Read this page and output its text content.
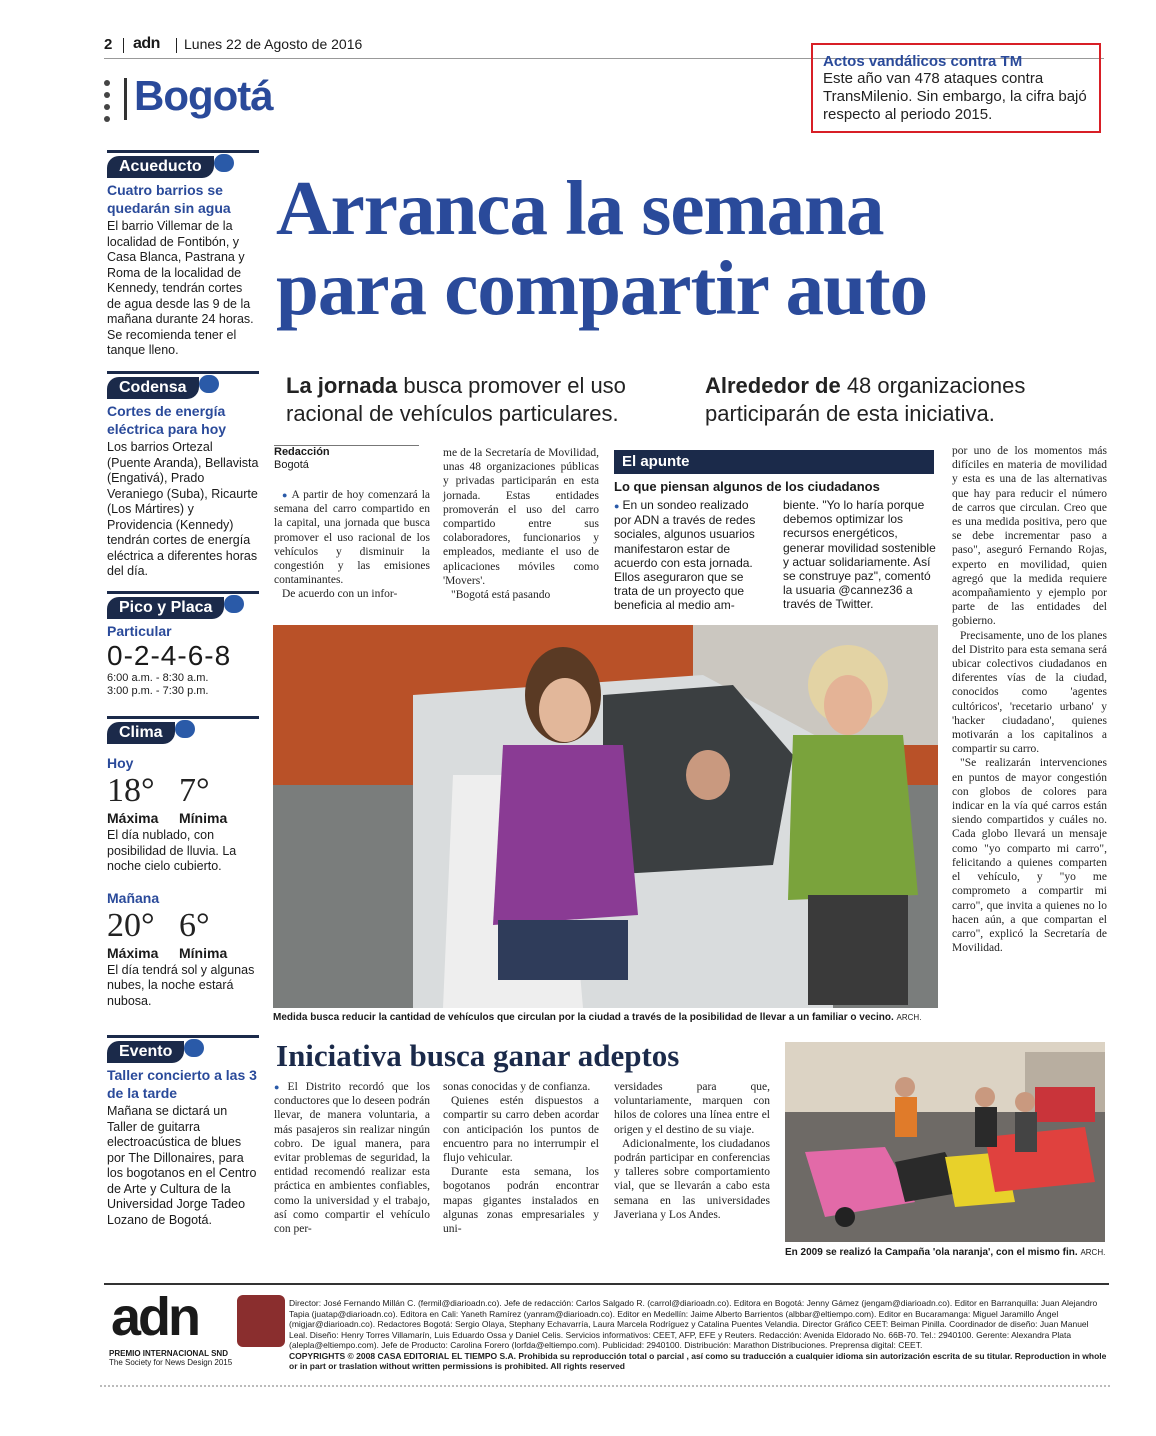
2 adn Lunes 22 de Agosto de 2016
Bogotá
Actos vandálicos contra TM
Este año van 478 ataques contra TransMilenio. Sin embargo, la cifra bajó respecto al periodo 2015.
Acueducto
Cuatro barrios se quedarán sin agua
El barrio Villemar de la localidad de Fontibón, y Casa Blanca, Pastrana y Roma de la localidad de Kennedy, tendrán cortes de agua desde las 9 de la mañana durante 24 horas. Se recomienda tener el tanque lleno.
Codensa
Cortes de energía eléctrica para hoy
Los barrios Ortezal (Puente Aranda), Bellavista (Engativá), Prado Veraniego (Suba), Ricaurte (Los Mártires) y Providencia (Kennedy) tendrán cortes de energía eléctrica a diferentes horas del día.
Pico y Placa
Particular
0-2-4-6-8
6:00 a.m. - 8:30 a.m.
3:00 p.m. - 7:30 p.m.
Clima
Hoy
18° 7°
Máxima Mínima
El día nublado, con posibilidad de lluvia. La noche cielo cubierto.
Mañana
20° 6°
Máxima Mínima
El día tendrá sol y algunas nubes, la noche estará nubosa.
Evento
Taller concierto a las 3 de la tarde
Mañana se dictará un Taller de guitarra electroacústica de blues por The Dillonaires, para los bogotanos en el Centro de Arte y Cultura de la Universidad Jorge Tadeo Lozano de Bogotá.
Arranca la semana
para compartir auto
La jornada busca promover el uso racional de vehículos particulares.
Alrededor de 48 organizaciones participarán de esta iniciativa.
Redacción
Bogotá

● A partir de hoy comenzará la semana del carro compartido en la capital, una jornada que busca promover el uso racional de los vehículos y disminuir la congestión y las emisiones contaminantes.

De acuerdo con un infor-

me de la Secretaría de Movilidad, unas 48 organizaciones públicas y privadas participarán en esta jornada. Estas entidades promoverán el uso del carro compartido entre sus colaboradores, funcionarios y empleados, mediante el uso de aplicaciones móviles como 'Movers'.

"Bogotá está pasando

El apunte
Lo que piensan algunos de los ciudadanos
● En un sondeo realizado por ADN a través de redes sociales, algunos usuarios manifestaron estar de acuerdo con esta jornada. Ellos aseguraron que se trata de un proyecto que beneficia al medio am-
biente. "Yo lo haría porque debemos optimizar los recursos energéticos, generar movilidad sostenible y actuar solidariamente. Así se construye paz", comentó la usuaria @cannez36 a través de Twitter.

por uno de los momentos más difíciles en materia de movilidad y esta es una de las alternativas que hay para reducir el número de carros que circulan. Creo que es una medida positiva, pero que se debe incrementar paso a paso", aseguró Fernando Rojas, experto en movilidad, quien agregó que la medida requiere acompañamiento y ejemplo por parte de las entidades del gobierno.

Precisamente, uno de los planes del Distrito para esta semana será ubicar colectivos ciudadanos en diferentes vías de la ciudad, conocidos como 'agentes cultóricos', 'recetario urbano' y 'hacker ciudadano', quienes motivarán a los capitalinos a compartir su carro.

"Se realizarán intervenciones en puntos de mayor congestión con globos de colores para indicar en la vía qué carros están siendo compartidos y cuáles no. Cada globo llevará un mensaje como "yo comparto mi carro", felicitando a quienes comparten el vehículo, y "yo me comprometo a compartir mi carro", que invita a quienes no lo hacen aún, a que compartan el carro", explicó la Secretaría de Movilidad.

Medida busca reducir la cantidad de vehículos que circulan por la ciudad a través de la posibilidad de llevar a un familiar o vecino. ARCH.
Iniciativa busca ganar adeptos

● El Distrito recordó que los conductores que lo deseen podrán llevar, de manera voluntaria, a más pasajeros sin realizar ningún cobro. De igual manera, para evitar problemas de seguridad, la entidad recomendó realizar esta práctica en ambientes confiables, como la universidad y el trabajo, así como compartir el vehículo con per-

sonas conocidas y de confianza.

Quienes estén dispuestos a compartir su carro deben acordar con anticipación los puntos de encuentro para no interrumpir el flujo vehicular.

Durante esta semana, los bogotanos podrán encontrar mapas gigantes instalados en algunas zonas empresariales y uni-

versidades para que, voluntariamente, marquen con hilos de colores una línea entre el origen y el destino de su viaje.

Adicionalmente, los ciudadanos podrán participar en conferencias y talleres sobre comportamiento vial, que se llevarán a cabo esta semana en las universidades Javeriana y Los Andes.

En 2009 se realizó la Campaña 'ola naranja', con el mismo fin. ARCH.
adn
PREMIO INTERNACIONAL SND
The Society for News Design 2015
Director: José Fernando Millán C. (fermil@diarioadn.co). Jefe de redacción: Carlos Salgado R. (carrol@diarioadn.co). Editora en Bogotá: Jenny Gámez (jengam@diarioadn.co). Editor en Barranquilla: Juan Alejandro Tapia (juatap@diarioadn.co). Editora en Cali: Yaneth Ramírez (yanram@diarioadn.co). Editor en Medellín: Jaime Alberto Barrientos (albbar@eltiempo.com). Editor en Bucaramanga: Miguel Jaramillo Ángel (migjar@diarioadn.co). Redactores Bogotá: Sergio Olaya, Stephany Echavarría, Laura Marcela Rodríguez y Catalina Puentes Velandia. Director Gráfico CEET: Beiman Pinilla. Coordinador de diseño: Juan Manuel Leal. Diseño: Henry Torres Villamarín, Luis Eduardo Ossa y Daniel Celis. Servicios informativos: CEET, AFP, EFE y Reuters. Redacción: Avenida Eldorado No. 66B-70. Tel.: 2940100. Gerente: Alexandra Plata (alepla@eltiempo.com). Jefe de Producto: Carolina Forero (lorfda@eltiempo.com). Publicidad: 2940100. Distribución: Marathon Distribuciones. Preprensa digital: CEET.
COPYRIGHTS © 2008 CASA EDITORIAL EL TIEMPO S.A. Prohibida su reproducción total o parcial , así como su traducción a cualquier idioma sin autorización escrita de su titular. Reproduction in whole or in part or traslation without written permissions is prohibited. All rights reserved
